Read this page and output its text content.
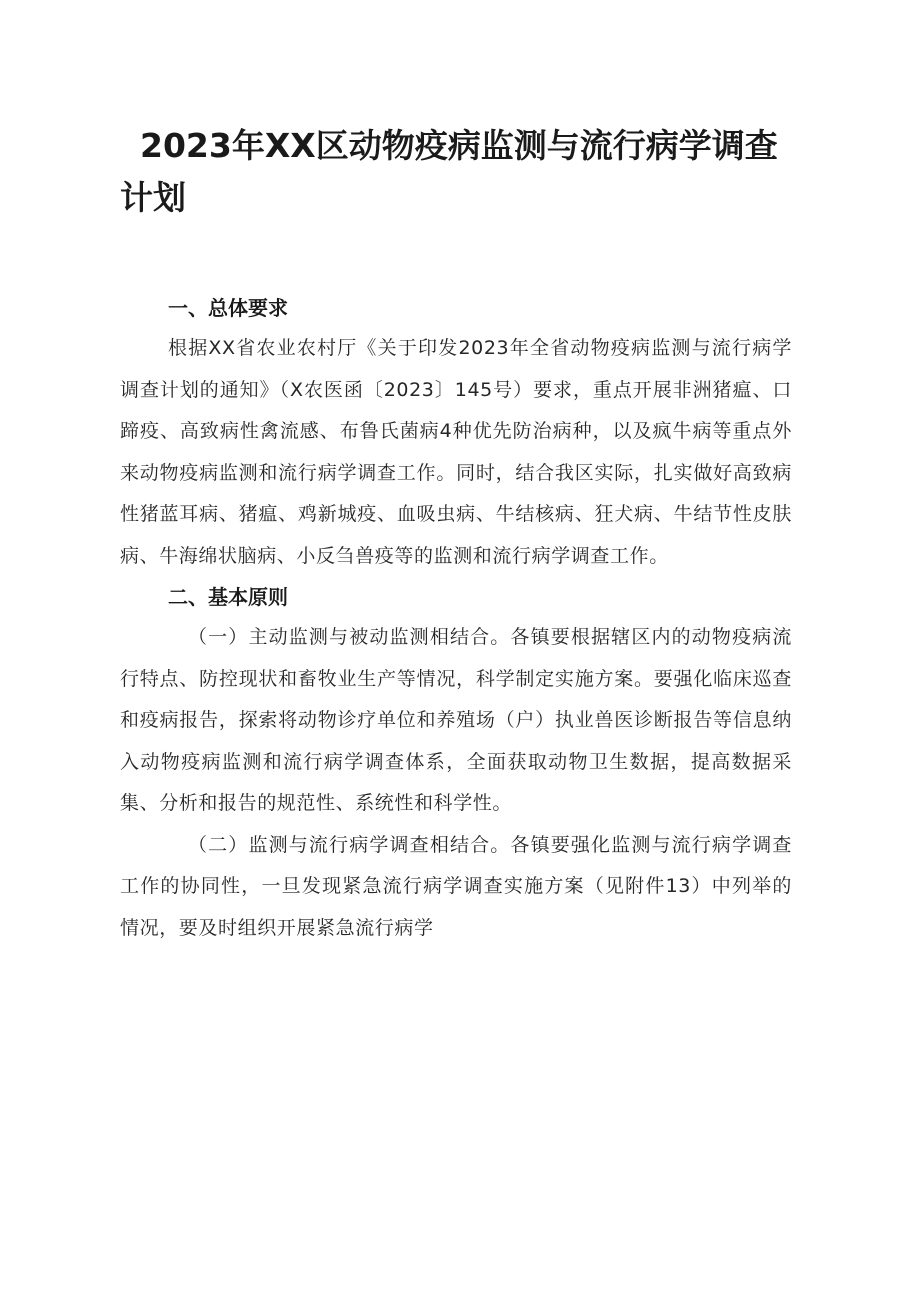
2023年XX区动物疫病监测与流行病学调查计划
一、总体要求

根据XX省农业农村厅《关于印发2023年全省动物疫病监测与流行病学调查计划的通知》（X农医函〔2023〕145号）要求，重点开展非洲猪瘟、口蹄疫、高致病性禽流感、布鲁氏菌病4种优先防治病种，以及疯牛病等重点外来动物疫病监测和流行病学调查工作。同时，结合我区实际，扎实做好高致病性猪蓝耳病、猪瘟、鸡新城疫、血吸虫病、牛结核病、狂犬病、牛结节性皮肤病、牛海绵状脑病、小反刍兽疫等的监测和流行病学调查工作。

二、基本原则

（一）主动监测与被动监测相结合。各镇要根据辖区内的动物疫病流行特点、防控现状和畜牧业生产等情况，科学制定实施方案。要强化临床巡查和疫病报告，探索将动物诊疗单位和养殖场（户）执业兽医诊断报告等信息纳入动物疫病监测和流行病学调查体系，全面获取动物卫生数据，提高数据采集、分析和报告的规范性、系统性和科学性。

（二）监测与流行病学调查相结合。各镇要强化监测与流行病学调查工作的协同性，一旦发现紧急流行病学调查实施方案（见附件13）中列举的情况，要及时组织开展紧急流行病学
